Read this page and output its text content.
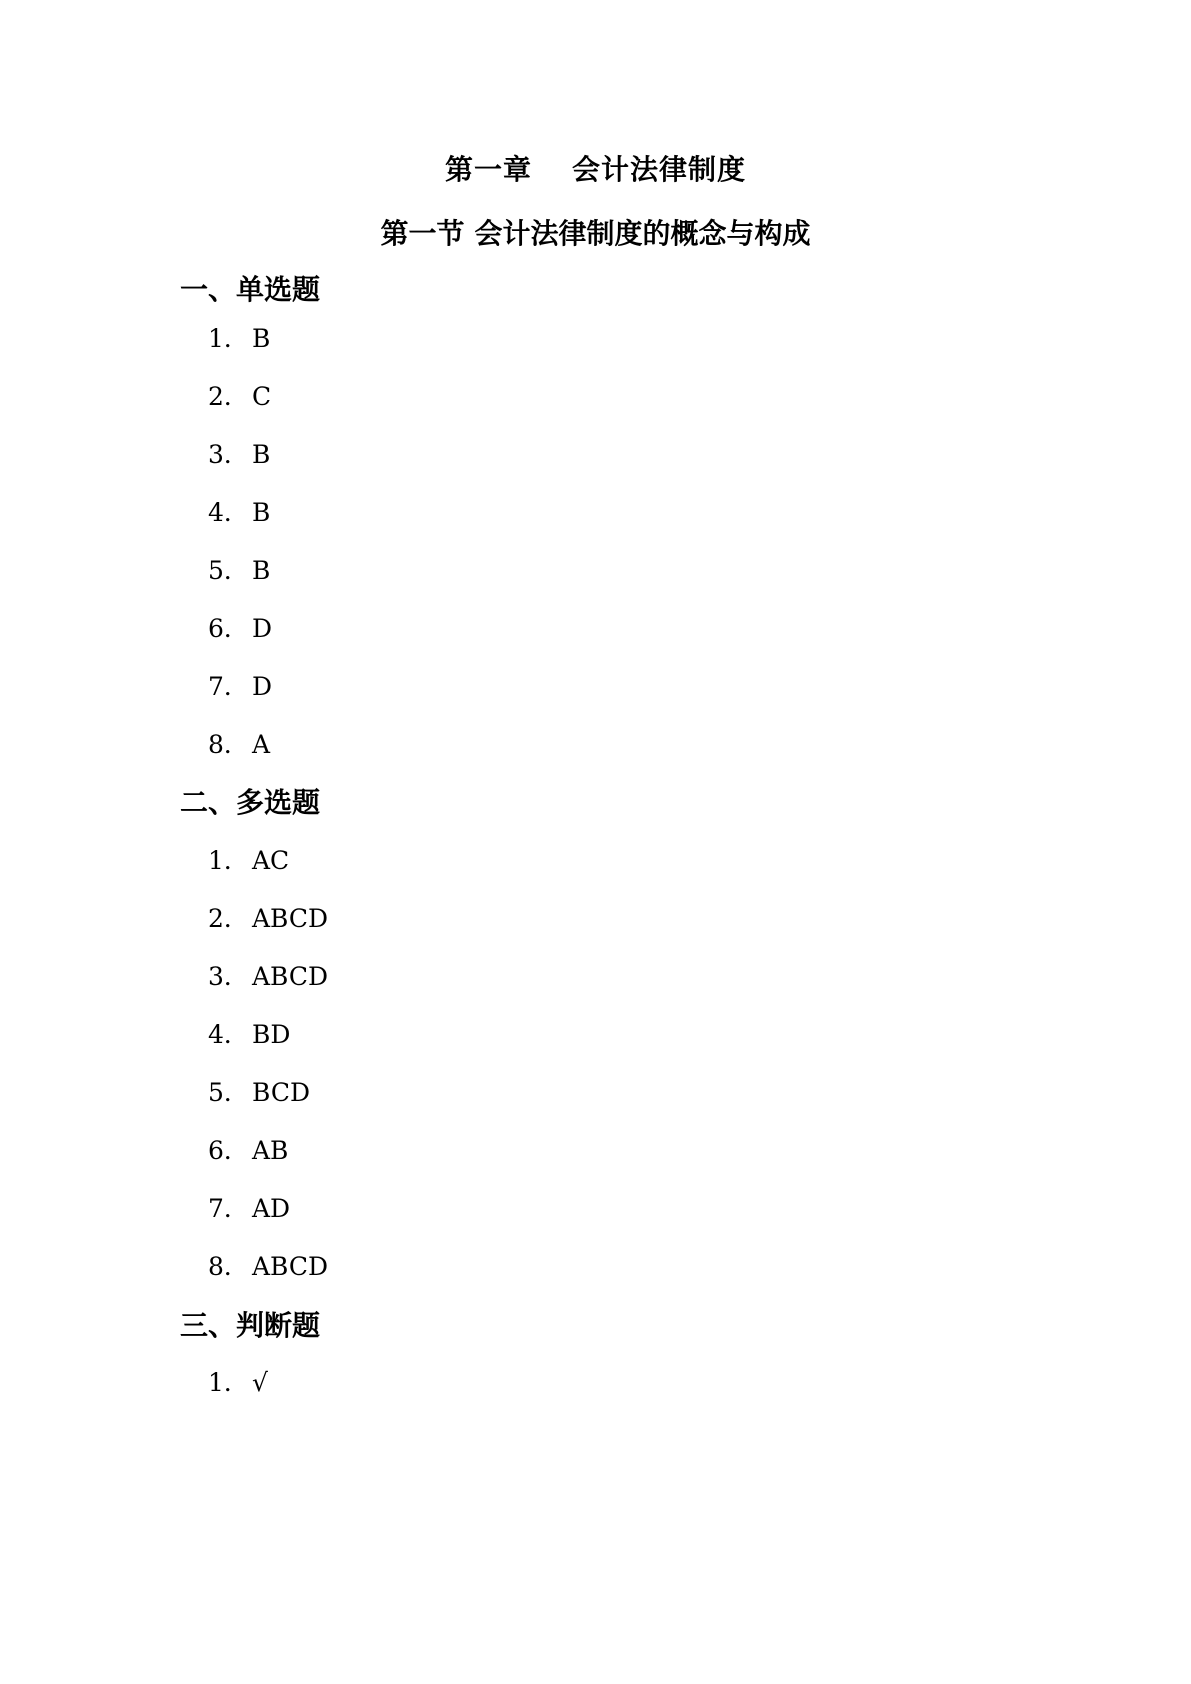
第一章 会计法律制度
第一节 会计法律制度的概念与构成
一、单选题
1． B
2． C
3． B
4． B
5． B
6． D
7． D
8． A
二、多选题
1． AC
2． ABCD
3． ABCD
4． BD
5． BCD
6． AB
7． AD
8． ABCD
三、判断题
1． √
